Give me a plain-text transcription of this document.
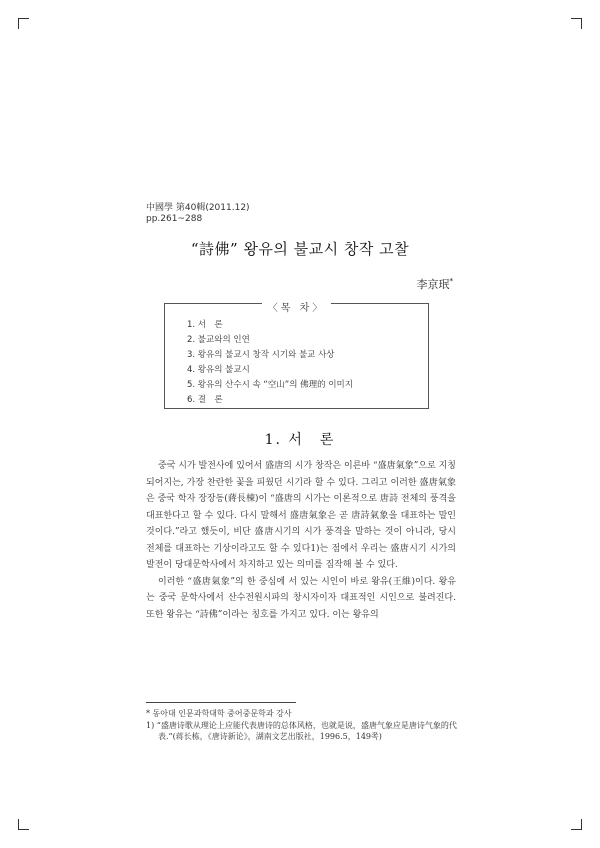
中國學 第40輯(2011.12)
pp.261~288
“詩佛” 왕유의 불교시 창작 고찰
李京珉*
〈목 차〉
1. 서　론
2. 불교와의 인연
3. 왕유의 불교시 창작 시기와 불교 사상
4. 왕유의 불교시
5. 왕유의 산수시 속 “空山”의 佛理的 이미지
6. 결　론
1. 서　론

중국 시가 발전사에 있어서 盛唐의 시가 창작은 이른바 “盛唐氣象”으로 지칭되어지는, 가장 찬란한 꽃을 피웠던 시기라 할 수 있다. 그리고 이러한 盛唐氣象은 중국 학자 장장동(蔣長棟)이 “盛唐의 시가는 이론적으로 唐詩 전체의 풍격을 대표한다고 할 수 있다. 다시 말해서 盛唐氣象은 곧 唐詩氣象을 대표하는 말인 것이다.”라고 했듯이, 비단 盛唐시기의 시가 풍격을 말하는 것이 아니라, 당시 전체를 대표하는 기상이라고도 할 수 있다1)는 점에서 우리는 盛唐시기 시가의 발전이 당대문학사에서 차지하고 있는 의미를 짐작해 볼 수 있다.

이러한 “盛唐氣象”의 한 중심에 서 있는 시인이 바로 왕유(王維)이다. 왕유는 중국 문학사에서 산수전원시파의 창시자이자 대표적인 시인으로 불려진다. 또한 왕유는 “詩佛”이라는 칭호를 가지고 있다. 이는 왕유의

* 동아대 인문과학대학 중어중문학과 강사

1) “盛唐诗歌从理论上应能代表唐诗的总体风格，也就是说，盛唐气象应是唐诗气象的代表.”(蒋长栋，《唐诗新论》，湖南文艺出版社，1996.5，149쪽)
